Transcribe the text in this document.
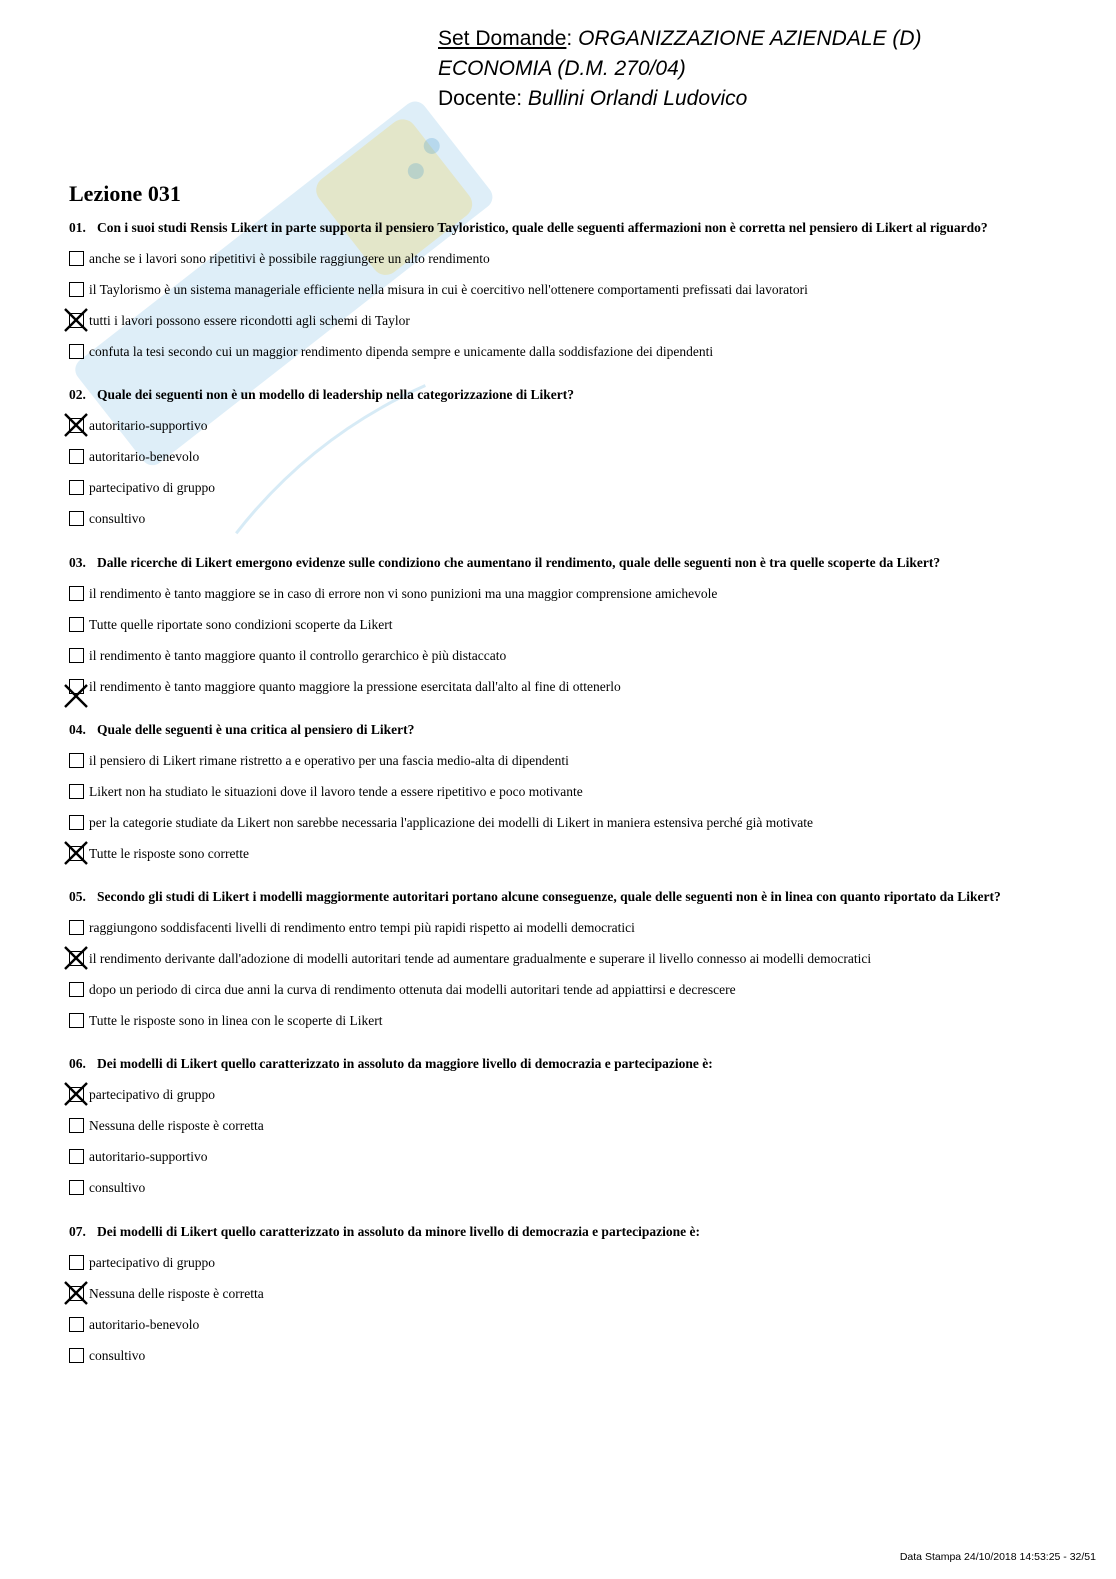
Set Domande: ORGANIZZAZIONE AZIENDALE (D)
ECONOMIA (D.M. 270/04)
Docente: Bullini Orlandi Ludovico
Lezione 031
01. Con i suoi studi Rensis Likert in parte supporta il pensiero Tayloristico, quale delle seguenti affermazioni non è corretta nel pensiero di Likert al riguardo?
anche se i lavori sono ripetitivi è possibile raggiungere un alto rendimento
il Taylorismo è un sistema manageriale efficiente nella misura in cui è coercitivo nell'ottenere comportamenti prefissati dai lavoratori
tutti i lavori possono essere ricondotti agli schemi di Taylor
confuta la tesi secondo cui un maggior rendimento dipenda sempre e unicamente dalla soddisfazione dei dipendenti
02. Quale dei seguenti non è un modello di leadership nella categorizzazione di Likert?
autoritario-supportivo
autoritario-benevolo
partecipativo di gruppo
consultivo
03. Dalle ricerche di Likert emergono evidenze sulle condiziono che aumentano il rendimento, quale delle seguenti non è tra quelle scoperte da Likert?
il rendimento è tanto maggiore se in caso di errore non vi sono punizioni ma una maggior comprensione amichevole
Tutte quelle riportate sono condizioni scoperte da Likert
il rendimento è tanto maggiore quanto il controllo gerarchico è più distaccato
il rendimento è tanto maggiore quanto maggiore la pressione esercitata dall'alto al fine di ottenerlo
04. Quale delle seguenti è una critica al pensiero di Likert?
il pensiero di Likert rimane ristretto a e operativo per una fascia medio-alta di dipendenti
Likert non ha studiato le situazioni dove il lavoro tende a essere ripetitivo e poco motivante
per la categorie studiate da Likert non sarebbe necessaria l'applicazione dei modelli di Likert in maniera estensiva perché già motivate
Tutte le risposte sono corrette
05. Secondo gli studi di Likert i modelli maggiormente autoritari portano alcune conseguenze, quale delle seguenti non è in linea con quanto riportato da Likert?
raggiungono soddisfacenti livelli di rendimento entro tempi più rapidi rispetto ai modelli democratici
il rendimento derivante dall'adozione di modelli autoritari tende ad aumentare gradualmente e superare il livello connesso ai modelli democratici
dopo un periodo di circa due anni la curva di rendimento ottenuta dai modelli autoritari tende ad appiattirsi e decrescere
Tutte le risposte sono in linea con le scoperte di Likert
06. Dei modelli di Likert quello caratterizzato in assoluto da maggiore livello di democrazia e partecipazione è:
partecipativo di gruppo
Nessuna delle risposte è corretta
autoritario-supportivo
consultivo
07. Dei modelli di Likert quello caratterizzato in assoluto da minore livello di democrazia e partecipazione è:
partecipativo di gruppo
Nessuna delle risposte è corretta
autoritario-benevolo
consultivo
Data Stampa 24/10/2018 14:53:25 - 32/51
